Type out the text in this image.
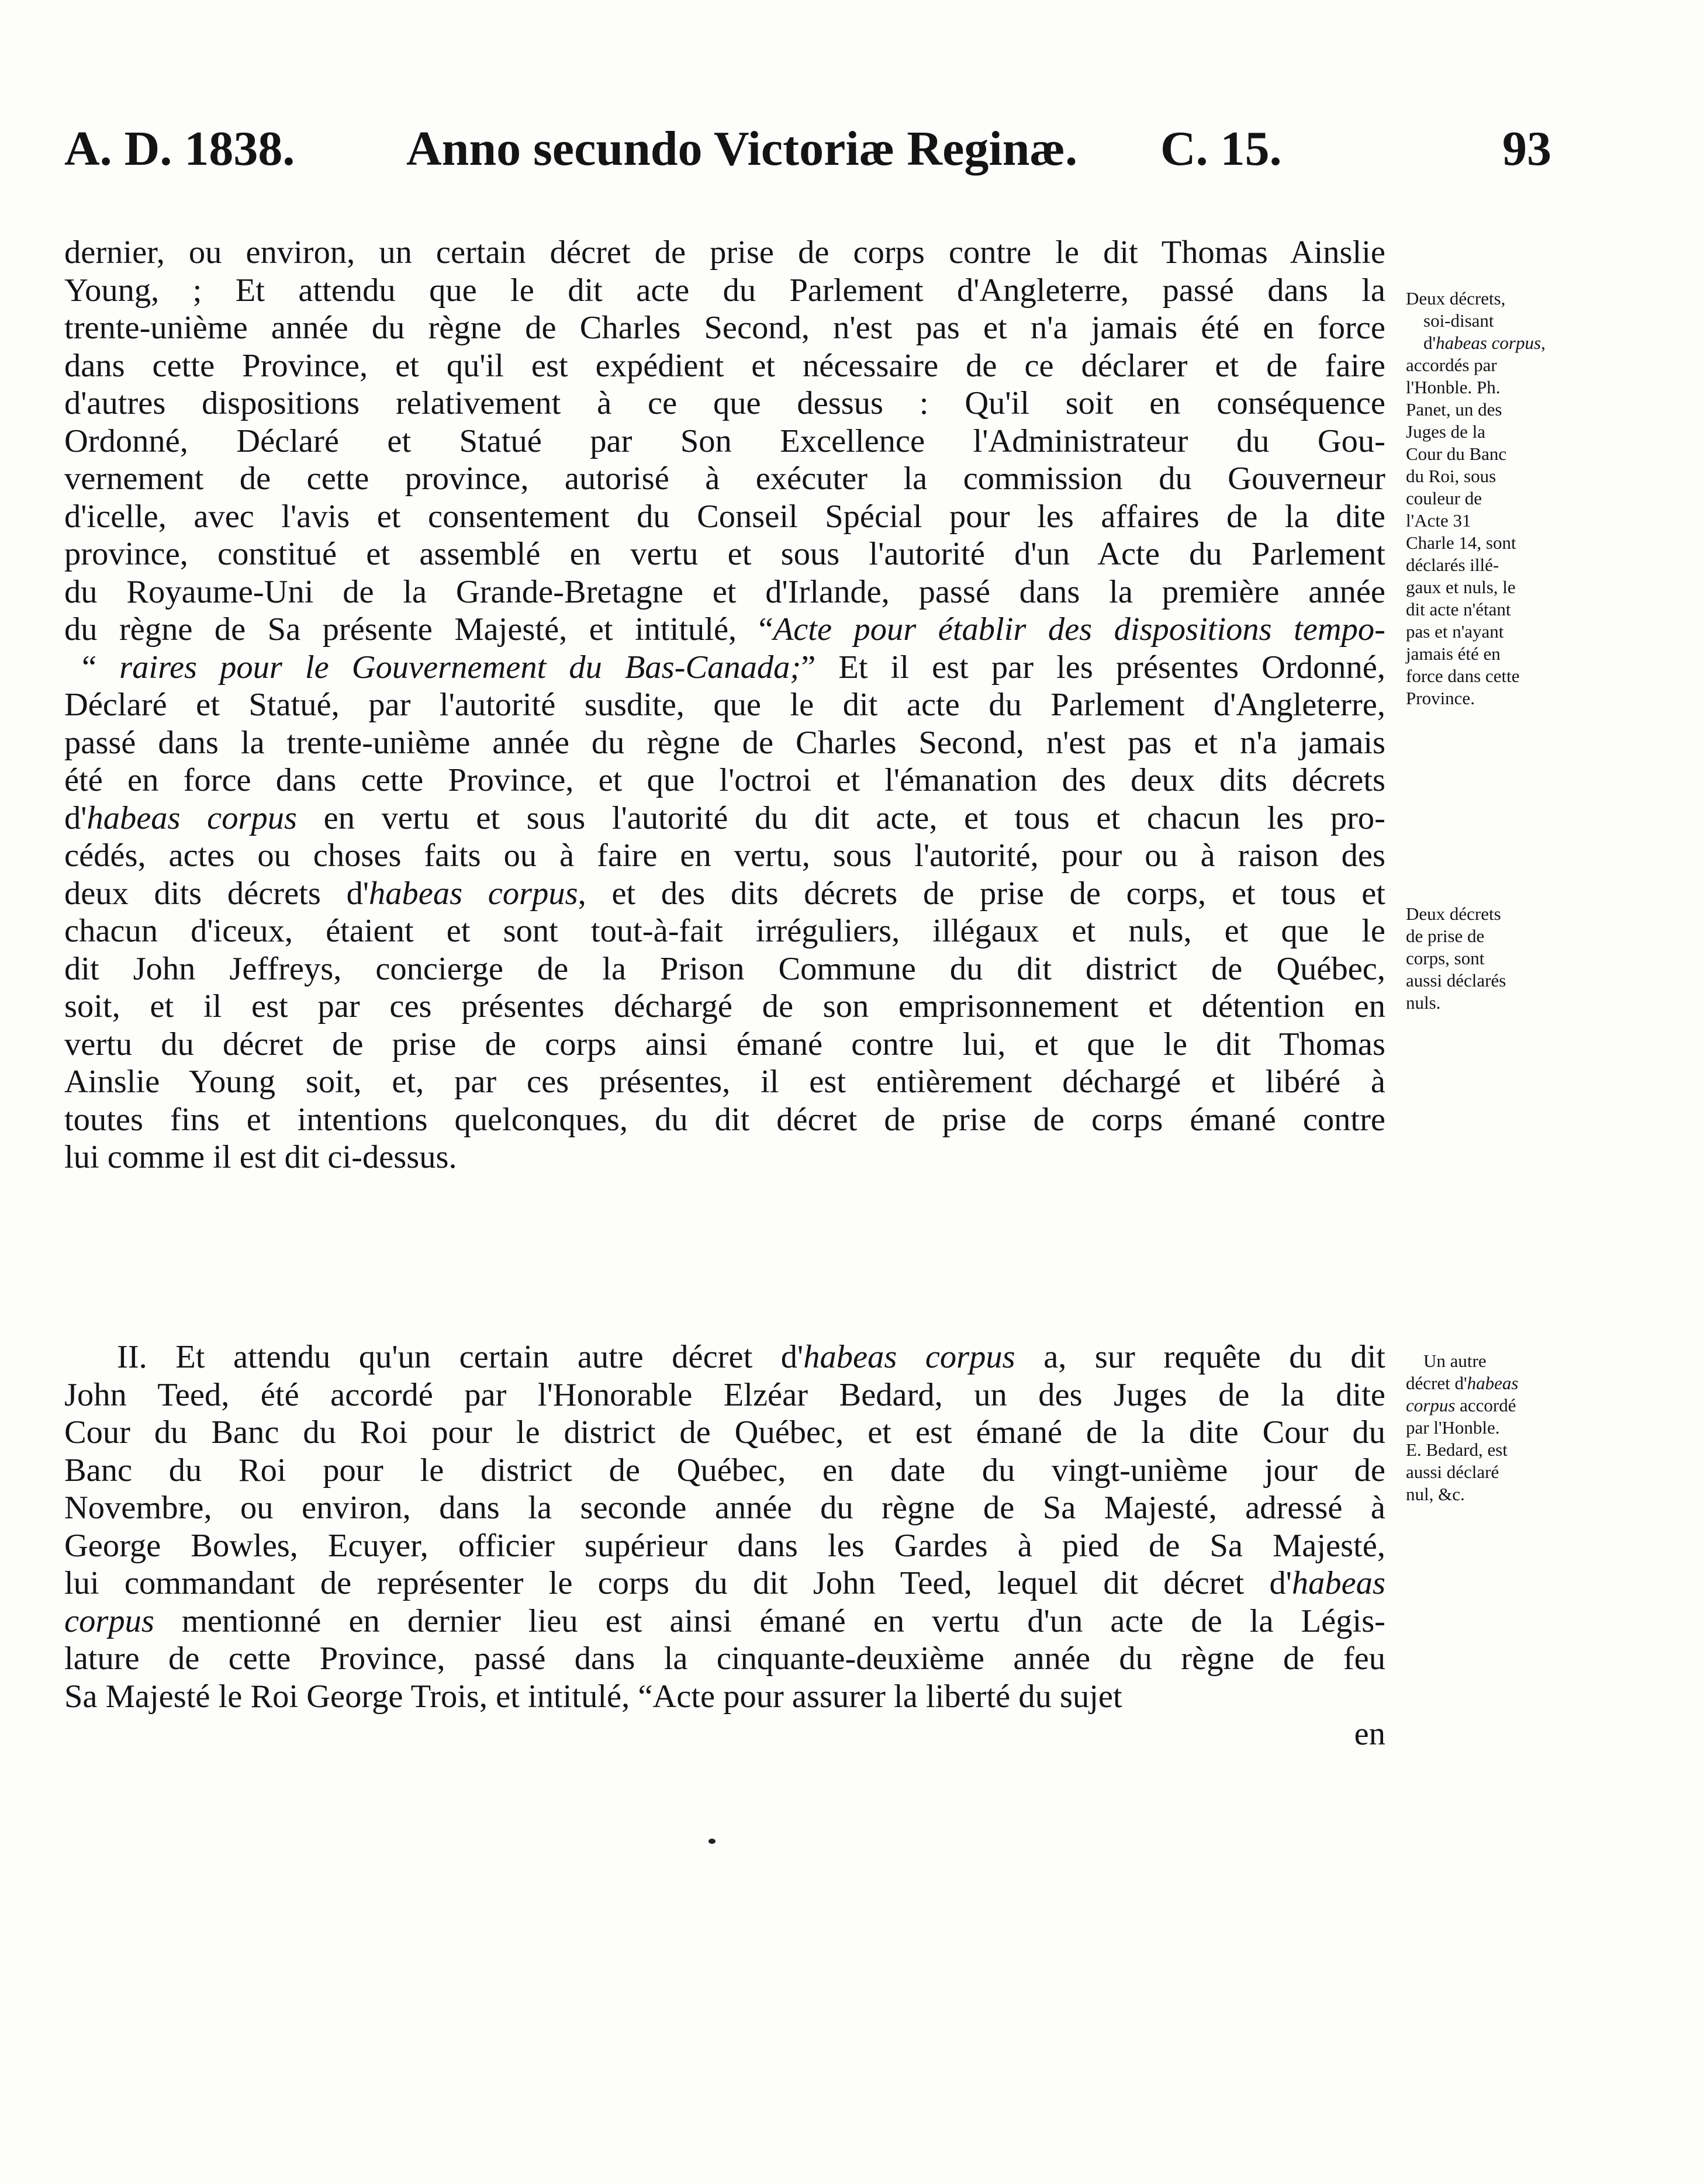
A. D. 1838. Anno secundo Victoriæ Reginæ. C. 15.	93
dernier, ou environ, un certain décret de prise de corps contre le dit Thomas Ainslie
Young, ; Et attendu que le dit acte du Parlement d'Angleterre, passé dans la
trente-unième année du règne de Charles Second, n'est pas et n'a jamais été en force
dans cette Province, et qu'il est expédient et nécessaire de ce déclarer et de faire
d'autres dispositions relativement à ce que dessus : Qu'il soit en conséquence
Ordonné, Déclaré et Statué par Son Excellence l'Administrateur du Gou-
vernement de cette province, autorisé à exécuter la commission du Gouverneur
d'icelle, avec l'avis et consentement du Conseil Spécial pour les affaires de la dite
province, constitué et assemblé en vertu et sous l'autorité d'un Acte du Parlement
du Royaume-Uni de la Grande-Bretagne et d'Irlande, passé dans la première année
du règne de Sa présente Majesté, et intitulé, “Acte pour établir des dispositions tempo-
“ raires pour le Gouvernement du Bas-Canada;” Et il est par les présentes Ordonné,
Déclaré et Statué, par l'autorité susdite, que le dit acte du Parlement d'Angleterre,
passé dans la trente-unième année du règne de Charles Second, n'est pas et n'a jamais
été en force dans cette Province, et que l'octroi et l'émanation des deux dits décrets
d'habeas corpus en vertu et sous l'autorité du dit acte, et tous et chacun les pro-
cédés, actes ou choses faits ou à faire en vertu, sous l'autorité, pour ou à raison des
deux dits décrets d'habeas corpus, et des dits décrets de prise de corps, et tous et
chacun d'iceux, étaient et sont tout-à-fait irréguliers, illégaux et nuls, et que le
dit John Jeffreys, concierge de la Prison Commune du dit district de Québec,
soit, et il est par ces présentes déchargé de son emprisonnement et détention en
vertu du décret de prise de corps ainsi émané contre lui, et que le dit Thomas
Ainslie Young soit, et, par ces présentes, il est entièrement déchargé et libéré à
toutes fins et intentions quelconques, du dit décret de prise de corps émané contre
lui comme il est dit ci-dessus.
II. Et attendu qu'un certain autre décret d'habeas corpus a, sur requête du dit
John Teed, été accordé par l'Honorable Elzéar Bedard, un des Juges de la dite
Cour du Banc du Roi pour le district de Québec, et est émané de la dite Cour du
Banc du Roi pour le district de Québec, en date du vingt-unième jour de
Novembre, ou environ, dans la seconde année du règne de Sa Majesté, adressé à
George Bowles, Ecuyer, officier supérieur dans les Gardes à pied de Sa Majesté,
lui commandant de représenter le corps du dit John Teed, lequel dit décret d'habeas
corpus mentionné en dernier lieu est ainsi émané en vertu d'un acte de la Légis-
lature de cette Province, passé dans la cinquante-deuxième année du règne de feu
Sa Majesté le Roi George Trois, et intitulé, “Acte pour assurer la liberté du sujet
en
Deux décrets,
soi-disant
d'habeas corpus,
accordés par
l'Honble. Ph.
Panet, un des
Juges de la
Cour du Banc
du Roi, sous
couleur de
l'Acte 31
Charle 14, sont
déclarés illé-
gaux et nuls, le
dit acte n'étant
pas et n'ayant
jamais été en
force dans cette
Province.
Deux décrets
de prise de
corps, sont
aussi déclarés
nuls.
Un autre
décret d'habeas
corpus accordé
par l'Honble.
E. Bedard, est
aussi déclaré
nul, &c.
